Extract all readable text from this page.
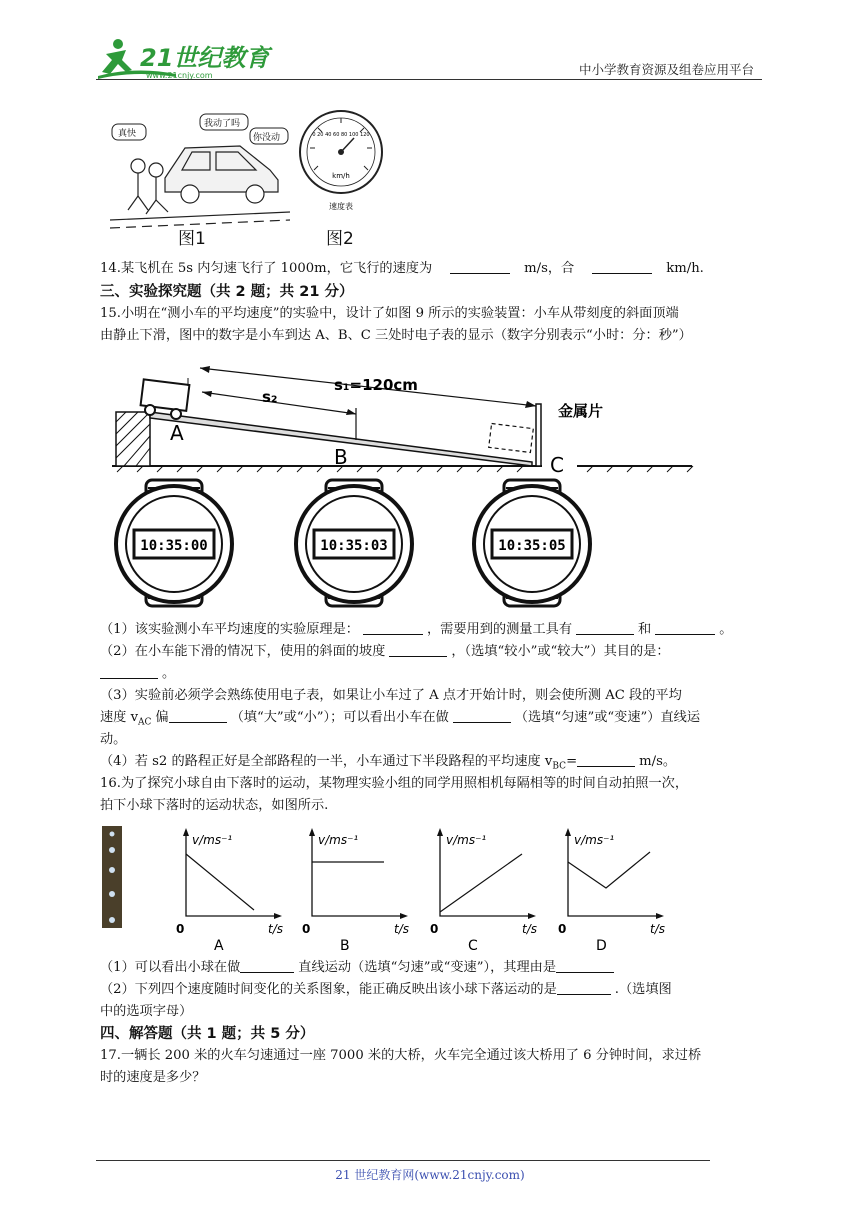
21世纪教育
www.21cnjy.com	中小学教育资源及组卷应用平台
真快
我动了吗
你没动
图1
0 20 40 60 80 100 120
km/h
速度表
图2
14.某飞机在 5s 内匀速飞行了 1000m，它飞行的速度为	m/s，合	km/h.
三、实验探究题（共 2 题；共 21 分）
15.小明在“测小车的平均速度”的实验中，设计了如图 9 所示的实验装置：小车从带刻度的斜面顶端
由静止下滑，图中的数字是小车到达 A、B、C 三处时电子表的显示（数字分别表示“小时：分：秒”）
s₁=120cm
s₂
金属片
A
B	C
10:35:00	10:35:03	10:35:05
（1）该实验测小车平均速度的实验原理是：	，需要用到的测量工具有	和	。
（2）在小车能下滑的情况下，使用的斜面的坡度	，（选填“较小”或“较大”）其目的是：
。
（3）实验前必须学会熟练使用电子表，如果让小车过了 A 点才开始计时，则会使所测 AC 段的平均
速度 $v_{AC}$ 偏	（填“大”或“小”）；可以看出小车在做	（选填“匀速”或“变速”）直线运
动。
（4）若 s2 的路程正好是全部路程的一半，小车通过下半段路程的平均速度 $v_{BC}=$	m/s。
16.为了探究小球自由下落时的运动，某物理实验小组的同学用照相机每隔相等的时间自动拍照一次，
拍下小球下落时的运动状态，如图所示.
v/ms⁻¹
t/s
0
A
v/ms⁻¹
t/s
0
B
v/ms⁻¹
t/s
0
C
v/ms⁻¹
t/s
0
D
（1）可以看出小球在做	直线运动（选填“匀速”或“变速”），其理由是
（2）下列四个速度随时间变化的关系图象，能正确反映出该小球下落运动的是	.（选填图
中的选项字母）
四、解答题（共 1 题；共 5 分）
17.一辆长 200 米的火车匀速通过一座 7000 米的大桥，火车完全通过该大桥用了 6 分钟时间，求过桥
时的速度是多少？
21 世纪教育网(www.21cnjy.com)
